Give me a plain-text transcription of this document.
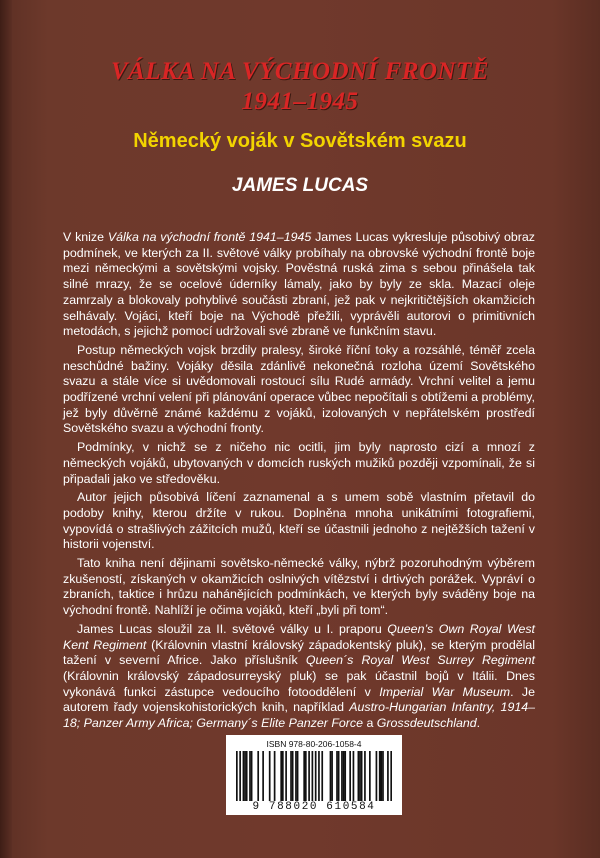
VÁLKA NA VÝCHODNÍ FRONTĚ
1941–1945
Německý voják v Sovětském svazu
JAMES LUCAS

V knize Válka na východní frontě 1941–1945 James Lucas vykresluje působivý obraz podmínek, ve kterých za II. světové války probíhaly na obrovské východní frontě boje mezi německými a sovětskými vojsky. Pověstná ruská zima s sebou přinášela tak silné mrazy, že se ocelové úderníky lámaly, jako by byly ze skla. Mazací oleje zamrzaly a blokovaly pohyblivé součásti zbraní, jež pak v nejkritičtějších okamžicích selhávaly. Vojáci, kteří boje na Východě přežili, vyprávěli autorovi o primitivních metodách, s jejichž pomocí udržovali své zbraně ve funkčním stavu.

Postup německých vojsk brzdily pralesy, široké říční toky a rozsáhlé, téměř zcela neschůdné bažiny. Vojáky děsila zdánlivě nekonečná rozloha území Sovětského svazu a stále více si uvědomovali rostoucí sílu Rudé armády. Vrchní velitel a jemu podřízené vrchní velení při plánování operace vůbec nepočítali s obtížemi a problémy, jež byly důvěrně známé každému z vojáků, izolovaných v nepřátelském prostředí Sovětského svazu a východní fronty.

Podmínky, v nichž se z ničeho nic ocitli, jim byly naprosto cizí a mnozí z německých vojáků, ubytovaných v domcích ruských mužiků později vzpomínali, že si připadali jako ve středověku.

Autor jejich působivá líčení zaznamenal a s umem sobě vlastním přetavil do podoby knihy, kterou držíte v rukou. Doplněna mnoha unikátními fotografiemi, vypovídá o strašlivých zážitcích mužů, kteří se účastnili jednoho z nejtěžších tažení v historii vojenství.

Tato kniha není dějinami sovětsko-německé války, nýbrž pozoruhodným výběrem zkušeností, získaných v okamžicích oslnivých vítězství i drtivých porážek. Vypráví o zbraních, taktice i hrůzu nahánějících podmínkách, ve kterých byly sváděny boje na východní frontě. Nahlíží je očima vojáků, kteří „byli při tom“.

James Lucas sloužil za II. světové války u I. praporu Queen’s Own Royal West Kent Regiment (Královnin vlastní královský západokentský pluk), se kterým prodělal tažení v severní Africe. Jako příslušník Queen´s Royal West Surrey Regiment (Královnin královský západosurreyský pluk) se pak účastnil bojů v Itálii. Dnes vykonává funkci zástupce vedoucího fotooddělení v Imperial War Museum. Je autorem řady vojenskohistorických knih, například Austro-Hungarian Infantry, 1914–18; Panzer Army Africa; Germany´s Elite Panzer Force a Grossdeutschland.

ISBN 978-80-206-1058-4
9 788020 610584
